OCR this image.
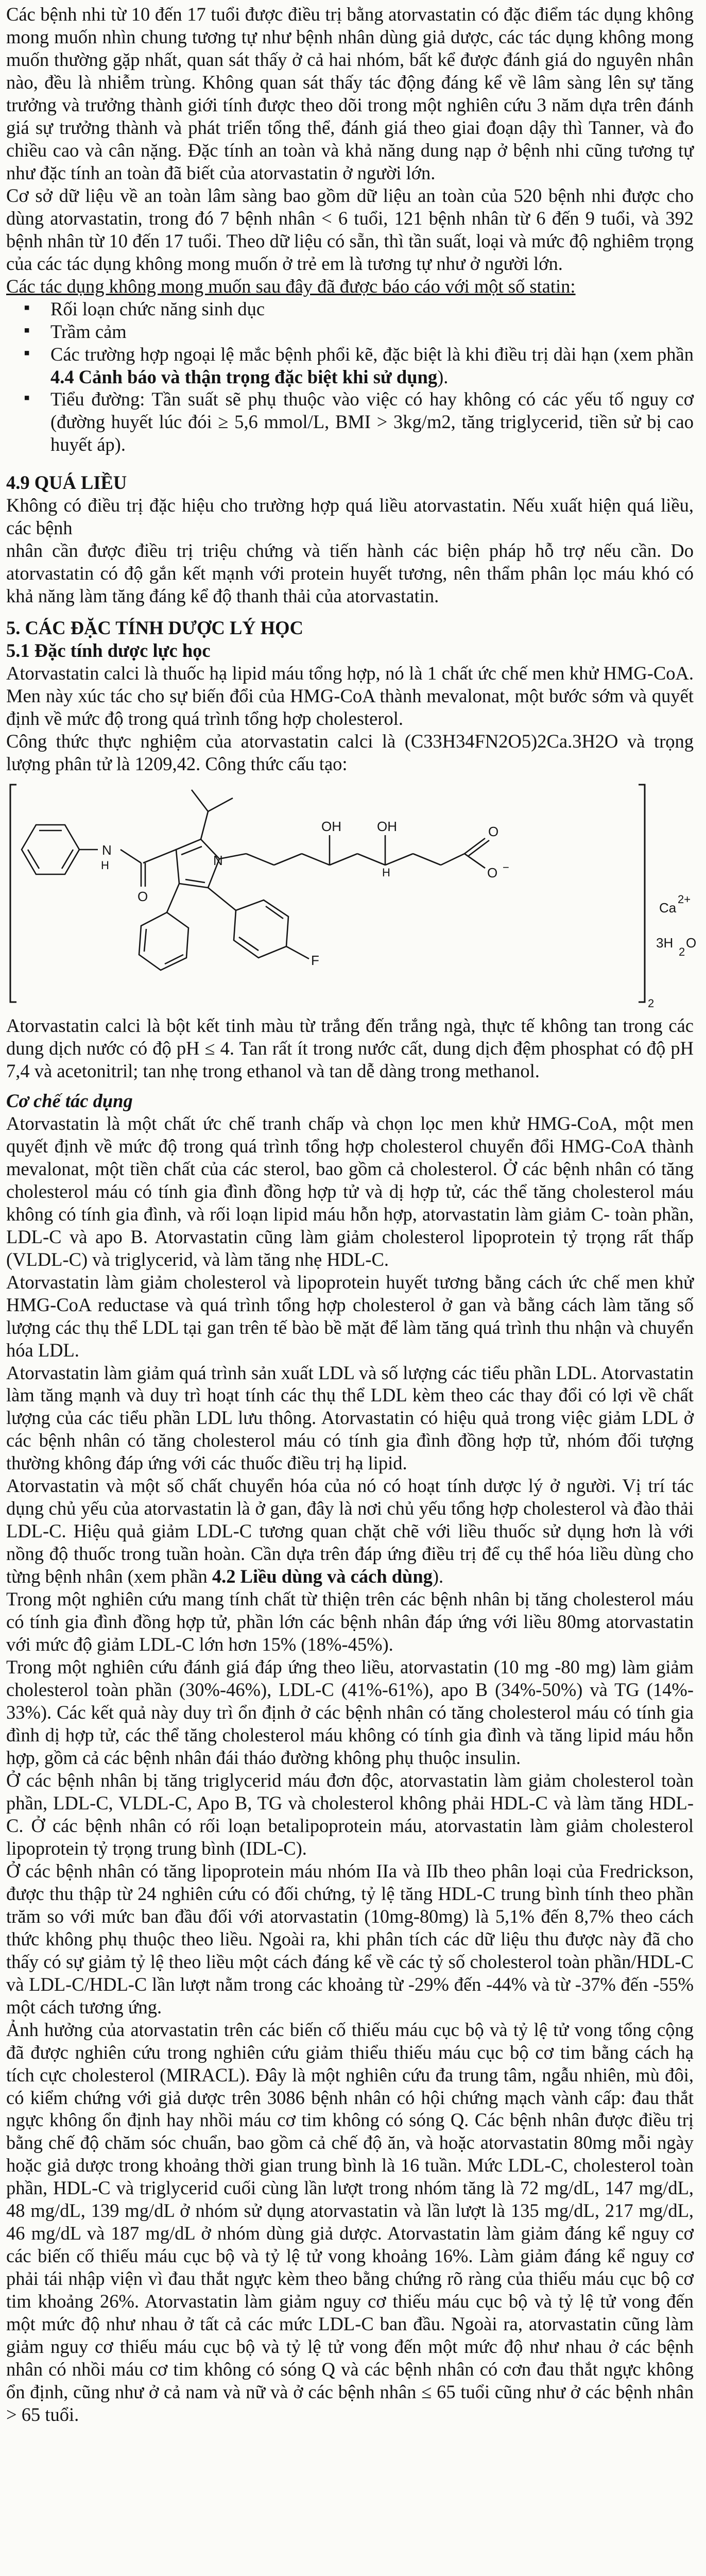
Các bệnh nhi từ 10 đến 17 tuổi được điều trị bằng atorvastatin có đặc điểm tác dụng không mong muốn nhìn chung tương tự như bệnh nhân dùng giả dược, các tác dụng không mong muốn thường gặp nhất, quan sát thấy ở cả hai nhóm, bất kể được đánh giá do nguyên nhân nào, đều là nhiễm trùng. Không quan sát thấy tác động đáng kể về lâm sàng lên sự tăng trưởng và trưởng thành giới tính được theo dõi trong một nghiên cứu 3 năm dựa trên đánh giá sự trưởng thành và phát triển tổng thể, đánh giá theo giai đoạn dậy thì Tanner, và đo chiều cao và cân nặng. Đặc tính an toàn và khả năng dung nạp ở bệnh nhi cũng tương tự như đặc tính an toàn đã biết của atorvastatin ở người lớn.

Cơ sở dữ liệu về an toàn lâm sàng bao gồm dữ liệu an toàn của 520 bệnh nhi được cho dùng atorvastatin, trong đó 7 bệnh nhân < 6 tuổi, 121 bệnh nhân từ 6 đến 9 tuổi, và 392 bệnh nhân từ 10 đến 17 tuổi. Theo dữ liệu có sẵn, thì tần suất, loại và mức độ nghiêm trọng của các tác dụng không mong muốn ở trẻ em là tương tự như ở người lớn.

Các tác dụng không mong muốn sau đây đã được báo cáo với một số statin:

▪ Rối loạn chức năng sinh dục
▪ Trầm cảm
▪ Các trường hợp ngoại lệ mắc bệnh phổi kẽ, đặc biệt là khi điều trị dài hạn (xem phần 4.4 Cảnh báo và thận trọng đặc biệt khi sử dụng).
▪ Tiểu đường: Tần suất sẽ phụ thuộc vào việc có hay không có các yếu tố nguy cơ (đường huyết lúc đói ≥ 5,6 mmol/L, BMI > 3kg/m2, tăng triglycerid, tiền sử bị cao huyết áp).

4.9 QUÁ LIỀU

Không có điều trị đặc hiệu cho trường hợp quá liều atorvastatin. Nếu xuất hiện quá liều, các bệnh

nhân cần được điều trị triệu chứng và tiến hành các biện pháp hỗ trợ nếu cần. Do atorvastatin có độ gắn kết mạnh với protein huyết tương, nên thẩm phân lọc máu khó có khả năng làm tăng đáng kể độ thanh thải của atorvastatin.

5. CÁC ĐẶC TÍNH DƯỢC LÝ HỌC

5.1 Đặc tính dược lực học

Atorvastatin calci là thuốc hạ lipid máu tổng hợp, nó là 1 chất ức chế men khử HMG-CoA. Men này xúc tác cho sự biến đổi của HMG-CoA thành mevalonat, một bước sớm và quyết định về mức độ trong quá trình tổng hợp cholesterol.

Công thức thực nghiệm của atorvastatin calci là (C33H34FN2O5)2Ca.3H2O và trọng lượng phân tử là 1209,42. Công thức cấu tạo:

N
H
O
N
F
OH	OH
H
O
O
Ca
3H O
−
2+
2
2

Atorvastatin calci là bột kết tinh màu từ trắng đến trắng ngà, thực tế không tan trong các dung dịch nước có độ pH ≤ 4. Tan rất ít trong nước cất, dung dịch đệm phosphat có độ pH 7,4 và acetonitril; tan nhẹ trong ethanol và tan dễ dàng trong methanol.

Cơ chế tác dụng

Atorvastatin là một chất ức chế tranh chấp và chọn lọc men khử HMG-CoA, một men quyết định về mức độ trong quá trình tổng hợp cholesterol chuyển đổi HMG-CoA thành mevalonat, một tiền chất của các sterol, bao gồm cả cholesterol. Ở các bệnh nhân có tăng cholesterol máu có tính gia đình đồng hợp tử và dị hợp tử, các thể tăng cholesterol máu không có tính gia đình, và rối loạn lipid máu hỗn hợp, atorvastatin làm giảm C- toàn phần, LDL-C và apo B. Atorvastatin cũng làm giảm cholesterol lipoprotein tỷ trọng rất thấp (VLDL-C) và triglycerid, và làm tăng nhẹ HDL-C.

Atorvastatin làm giảm cholesterol và lipoprotein huyết tương bằng cách ức chế men khử HMG-CoA reductase và quá trình tổng hợp cholesterol ở gan và bằng cách làm tăng số lượng các thụ thể LDL tại gan trên tế bào bề mặt để làm tăng quá trình thu nhận và chuyển hóa LDL.

Atorvastatin làm giảm quá trình sản xuất LDL và số lượng các tiểu phần LDL. Atorvastatin làm tăng mạnh và duy trì hoạt tính các thụ thể LDL kèm theo các thay đổi có lợi về chất lượng của các tiểu phần LDL lưu thông. Atorvastatin có hiệu quả trong việc giảm LDL ở các bệnh nhân có tăng cholesterol máu có tính gia đình đồng hợp tử, nhóm đối tượng thường không đáp ứng với các thuốc điều trị hạ lipid.

Atorvastatin và một số chất chuyển hóa của nó có hoạt tính dược lý ở người. Vị trí tác dụng chủ yếu của atorvastatin là ở gan, đây là nơi chủ yếu tổng hợp cholesterol và đào thải LDL-C. Hiệu quả giảm LDL-C tương quan chặt chẽ với liều thuốc sử dụng hơn là với nồng độ thuốc trong tuần hoàn. Cần dựa trên đáp ứng điều trị để cụ thể hóa liều dùng cho từng bệnh nhân (xem phần 4.2 Liều dùng và cách dùng).

Trong một nghiên cứu mang tính chất từ thiện trên các bệnh nhân bị tăng cholesterol máu có tính gia đình đồng hợp tử, phần lớn các bệnh nhân đáp ứng với liều 80mg atorvastatin với mức độ giảm LDL-C lớn hơn 15% (18%-45%).

Trong một nghiên cứu đánh giá đáp ứng theo liều, atorvastatin (10 mg -80 mg) làm giảm cholesterol toàn phần (30%-46%), LDL-C (41%-61%), apo B (34%-50%) và TG (14%- 33%). Các kết quả này duy trì ổn định ở các bệnh nhân có tăng cholesterol máu có tính gia đình dị hợp tử, các thể tăng cholesterol máu không có tính gia đình và tăng lipid máu hỗn hợp, gồm cả các bệnh nhân đái tháo đường không phụ thuộc insulin.

Ở các bệnh nhân bị tăng triglycerid máu đơn độc, atorvastatin làm giảm cholesterol toàn phần, LDL-C, VLDL-C, Apo B, TG và cholesterol không phải HDL-C và làm tăng HDL-C. Ở các bệnh nhân có rối loạn betalipoprotein máu, atorvastatin làm giảm cholesterol lipoprotein tỷ trọng trung bình (IDL-C).

Ở các bệnh nhân có tăng lipoprotein máu nhóm IIa và IIb theo phân loại của Fredrickson, được thu thập từ 24 nghiên cứu có đối chứng, tỷ lệ tăng HDL-C trung bình tính theo phần trăm so với mức ban đầu đối với atorvastatin (10mg-80mg) là 5,1% đến 8,7% theo cách thức không phụ thuộc theo liều. Ngoài ra, khi phân tích các dữ liệu thu được này đã cho thấy có sự giảm tỷ lệ theo liều một cách đáng kể về các tỷ số cholesterol toàn phần/HDL-C và LDL-C/HDL-C lần lượt nằm trong các khoảng từ -29% đến -44% và từ -37% đến -55% một cách tương ứng.

Ảnh hưởng của atorvastatin trên các biến cố thiếu máu cục bộ và tỷ lệ tử vong tổng cộng đã được nghiên cứu trong nghiên cứu giảm thiểu thiếu máu cục bộ cơ tim bằng cách hạ tích cực cholesterol (MIRACL). Đây là một nghiên cứu đa trung tâm, ngẫu nhiên, mù đôi, có kiểm chứng với giả dược trên 3086 bệnh nhân có hội chứng mạch vành cấp: đau thắt ngực không ổn định hay nhồi máu cơ tim không có sóng Q. Các bệnh nhân được điều trị bằng chế độ chăm sóc chuẩn, bao gồm cả chế độ ăn, và hoặc atorvastatin 80mg mỗi ngày hoặc giả dược trong khoảng thời gian trung bình là 16 tuần. Mức LDL-C, cholesterol toàn phần, HDL-C và triglycerid cuối cùng lần lượt trong nhóm tăng là 72 mg/dL, 147 mg/dL, 48 mg/dL, 139 mg/dL ở nhóm sử dụng atorvastatin và lần lượt là 135 mg/dL, 217 mg/dL, 46 mg/dL và 187 mg/dL ở nhóm dùng giả dược. Atorvastatin làm giảm đáng kể nguy cơ các biến cố thiếu máu cục bộ và tỷ lệ tử vong khoảng 16%. Làm giảm đáng kể nguy cơ phải tái nhập viện vì đau thắt ngực kèm theo bằng chứng rõ ràng của thiếu máu cục bộ cơ tim khoảng 26%. Atorvastatin làm giảm nguy cơ thiếu máu cục bộ và tỷ lệ tử vong đến một mức độ như nhau ở tất cả các mức LDL-C ban đầu. Ngoài ra, atorvastatin cũng làm giảm nguy cơ thiếu máu cục bộ và tỷ lệ tử vong đến một mức độ như nhau ở các bệnh nhân có nhồi máu cơ tim không có sóng Q và các bệnh nhân có cơn đau thắt ngực không ổn định, cũng như ở cả nam và nữ và ở các bệnh nhân ≤ 65 tuổi cũng như ở các bệnh nhân > 65 tuổi.
